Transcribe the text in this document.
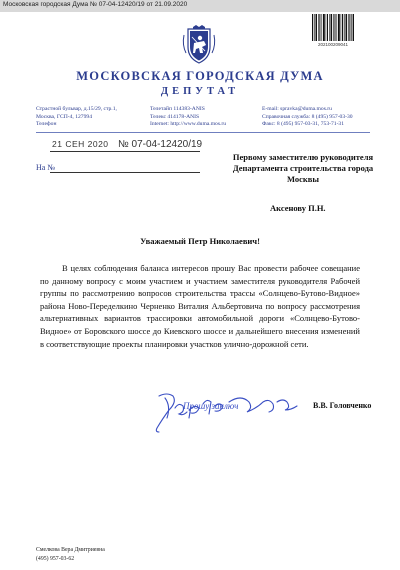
Московская городская Дума № 07-04-12420/19 от 21.09.2020
202100209041
МОСКОВСКАЯ ГОРОДСКАЯ ДУМА
ДЕПУТАТ
Страстной бульвар, д.15/29, стр.1,
Москва, ГСП-4, 127994
Телефон
Телетайп 114383-ANIS
Телекс 414178-ANIS
Internet: http://www.duma.mos.ru
E-mail: spravka@duma.mos.ru
Справочная служба: 8 (495) 957-03-30
Факс: 8 (495) 957-03-31, 753-71-31
21 СЕН 2020 № 07-04-12420/19
На №
Первому заместителю руководителя
Департамента строительства города
Москвы
Аксенову П.Н.
Уважаемый Петр Николаевич!
В целях соблюдения баланса интересов прошу Вас провести рабочее совещание по данному вопросу с моим участием и участием заместителя руководителя Рабочей группы по рассмотрению вопросов строительства трассы «Солнцево-Бутово-Видное» района Ново-Переделкино Черненко Виталия Альбертовича по вопросу рассмотрения альтернативных вариантов трассировки автомобильной дороги «Солнцево-Бутово-Видное» от Боровского шоссе до Киевского шоссе и дальнейшего внесения изменений в соответствующие проекты планировки участков улично-дорожной сети.
Прошу заключ	В.В. Головченко
Смелкова Вера Дмитриевна
(495) 957-03-62
